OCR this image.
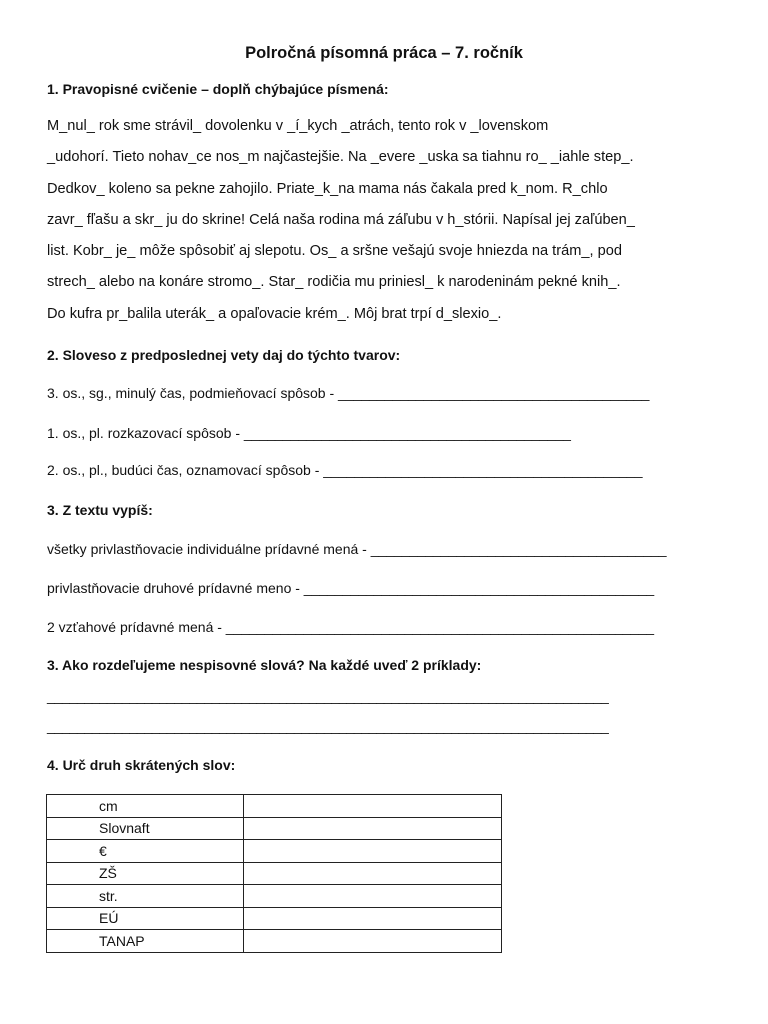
Polročná písomná práca – 7. ročník
1. Pravopisné cvičenie – doplň chýbajúce písmená:
M_nul_ rok sme strávil_ dovolenku v _í_kych _atrách, tento rok v _lovenskom
_udohorí. Tieto nohav_ce nos_m najčastejšie. Na _evere _uska sa tiahnu ro_ _iahle step_.
Dedkov_ koleno sa pekne zahojilo. Priate_k_na mama nás čakala pred k_nom. R_chlo
zavr_ fľašu a skr_ ju do skrine! Celá naša rodina má záľubu v h_stórii. Napísal jej zaľúben_
list. Kobr_ je_ môže spôsobiť aj slepotu. Os_ a sršne vešajú svoje hniezda na trám_, pod
strech_ alebo na konáre stromo_. Star_ rodičia mu priniesl_ k narodeninám pekné knih_.
Do kufra pr_balila uterák_ a opaľovacie krém_. Môj brat trpí d_slexio_.
2. Sloveso z predposlednej vety daj do týchto tvarov:
3. os., sg., minulý čas, podmieňovací spôsob - ________________________________________
1. os., pl. rozkazovací spôsob - __________________________________________
2. os., pl., budúci čas, oznamovací spôsob - _________________________________________
3. Z textu vypíš:
všetky privlastňovacie individuálne prídavné mená - ______________________________________
privlastňovacie druhové prídavné meno - _____________________________________________
2 vzťahové prídavné mená - _______________________________________________________
3. Ako rozdeľujeme nespisovné slová? Na každé uveď 2 príklady:
___________________________________________________________________________
___________________________________________________________________________
4. Urč druh skrátených slov:
cm	
Slovnaft	
€	
ZŠ	
str.	
EÚ	
TANAP	
